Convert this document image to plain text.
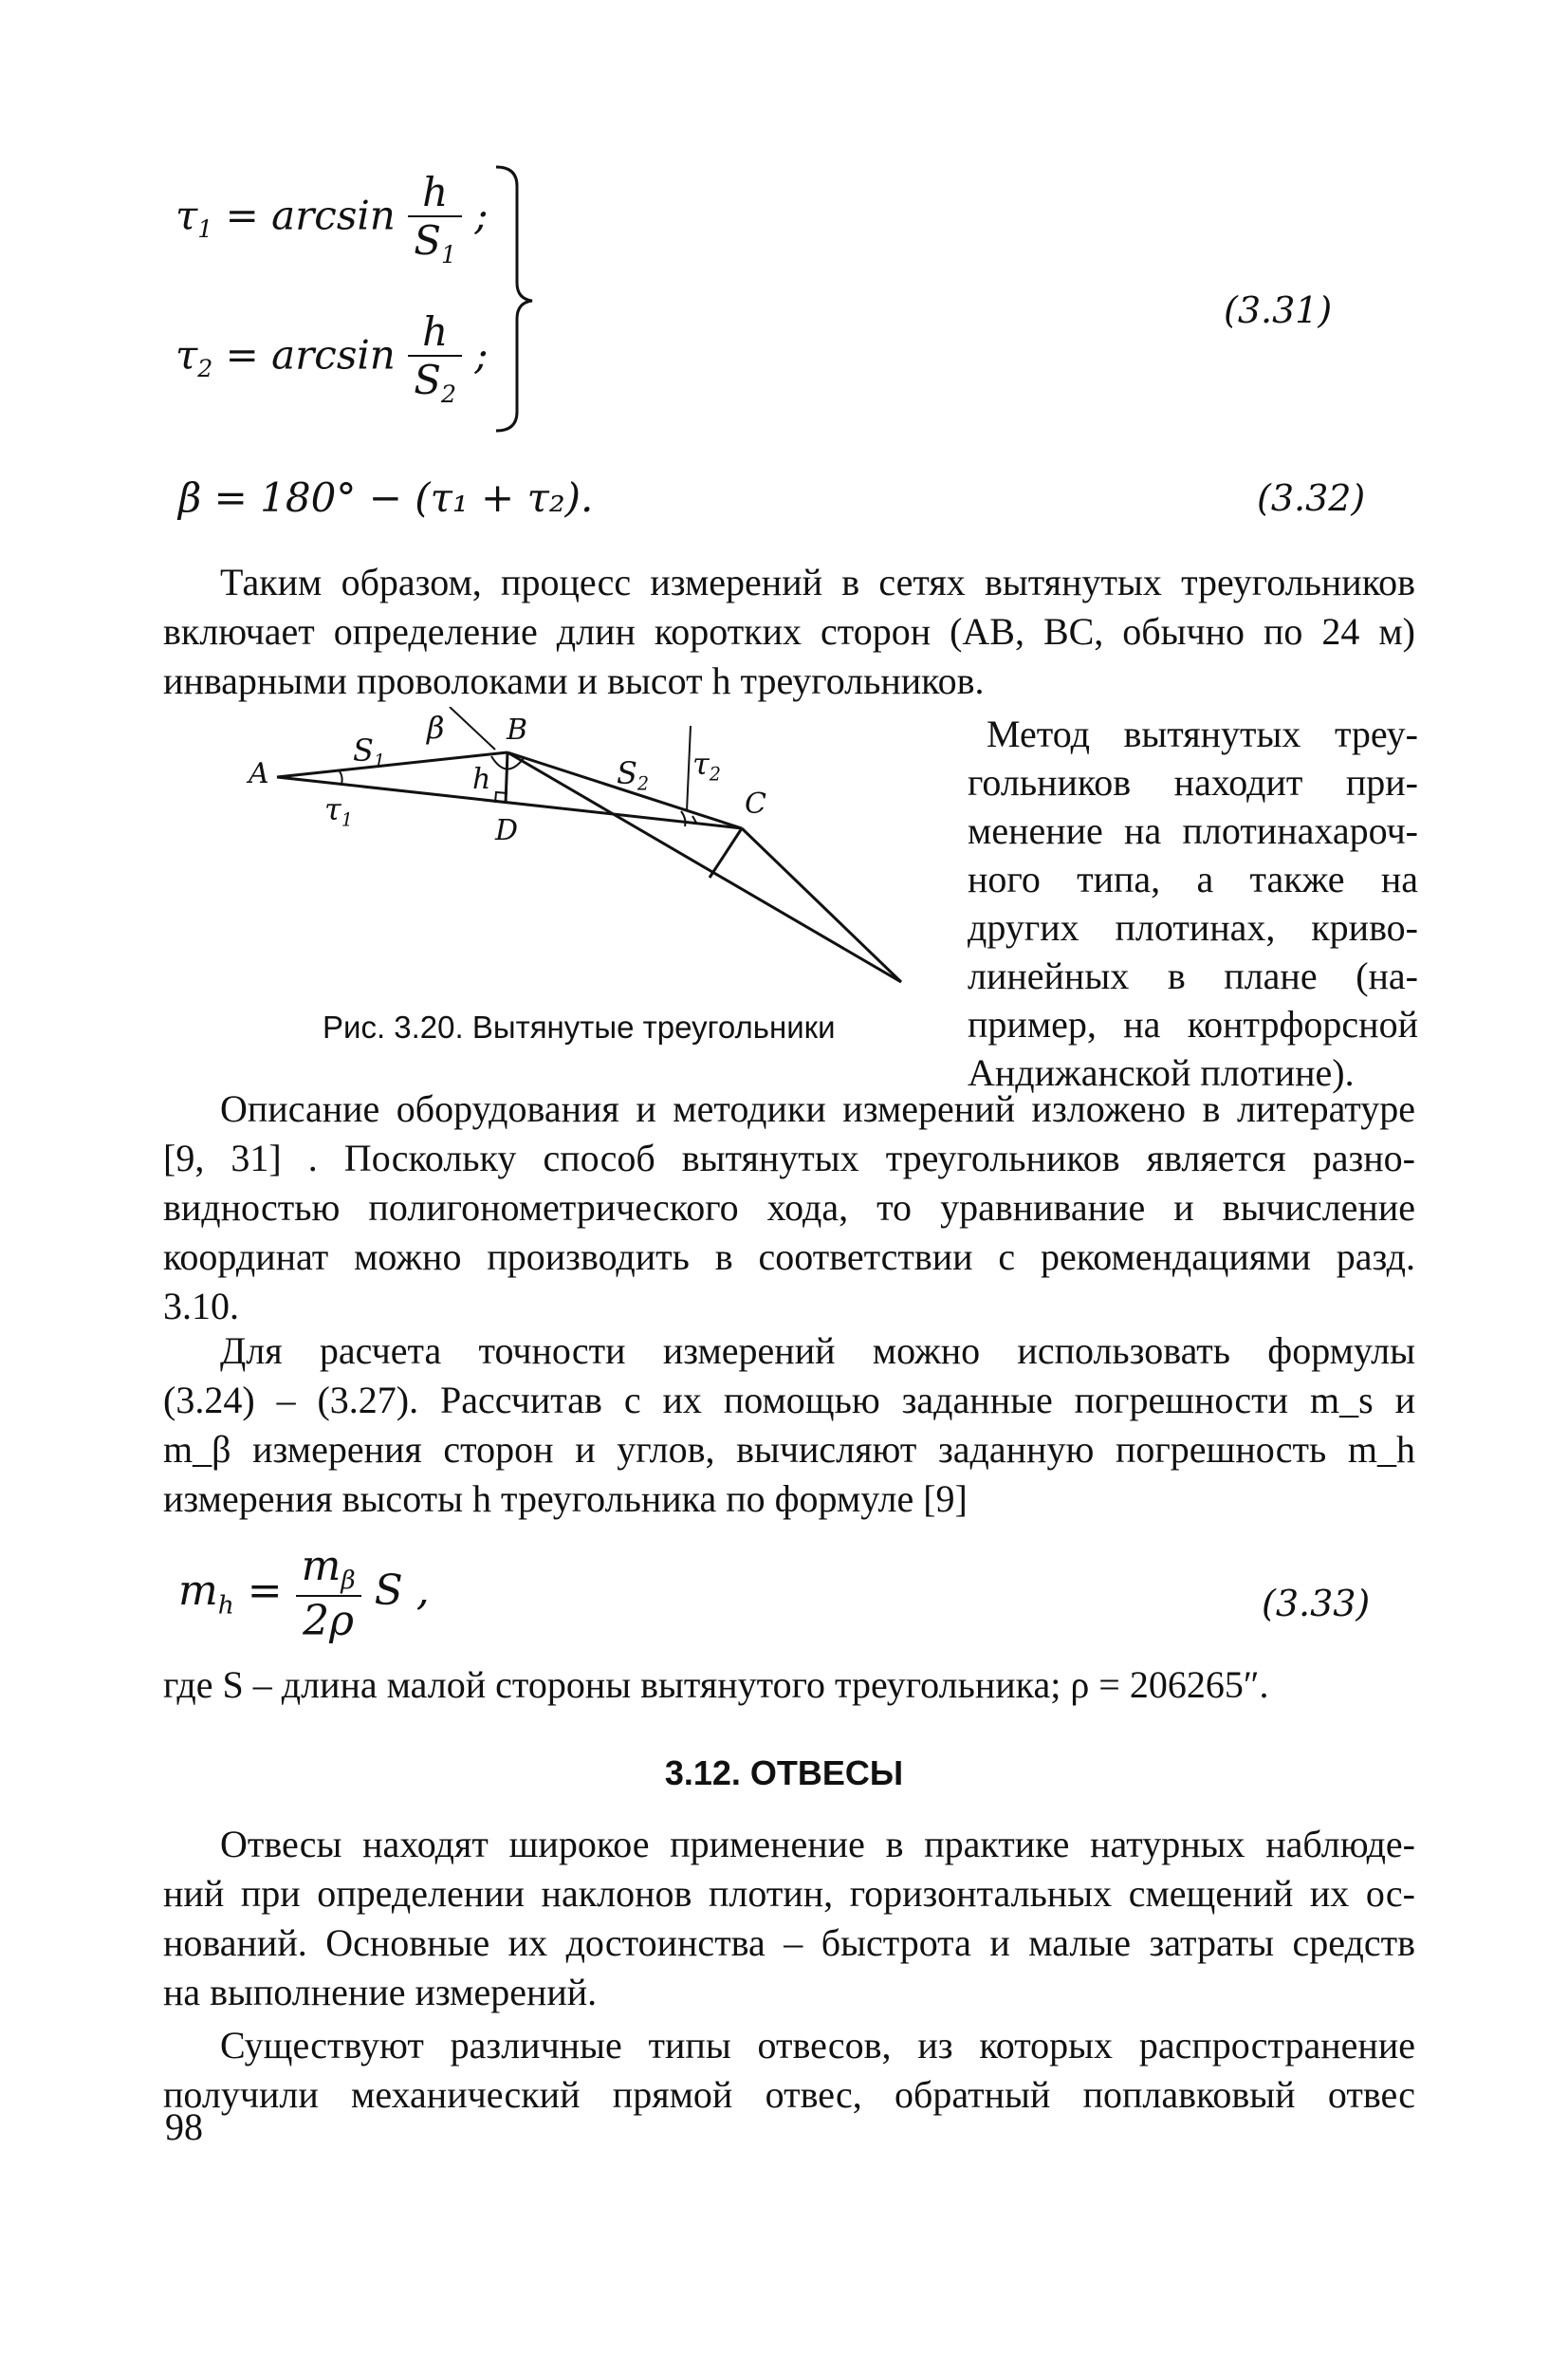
$\tau_1 = \arcsin \frac{h}{S_1}$ ;
$\tau_2 = \arcsin \frac{h}{S_2}$ ;
(3.31)
β = 180° − (τ₁ + τ₂).	(3.32)
Таким образом, процесс измерений в сетях вытянутых треугольников
включает определение длин коротких сторон (AB, BC, обычно по 24 м)
инварными проволоками и высот h треугольников.
A
B
C
D
$S_1$	$S_2$
β
h
$\tau_1$
$\tau_2$
Рис. 3.20. Вытянутые треугольники
Метод вытянутых треу-
гольников находит при-
менение на плотинахароч-
ного типа, а также на
других плотинах, криво-
линейных в плане (на-
пример, на контрфорсной
Андижанской плотине).
Описание оборудования и методики измерений изложено в литературе
[9, 31] . Поскольку способ вытянутых треугольников является разно-
видностью полигонометрического хода, то уравнивание и вычисление
координат можно производить в соответствии с рекомендациями разд.
3.10.
Для расчета точности измерений можно использовать формулы
(3.24) – (3.27). Рассчитав с их помощью заданные погрешности m_s и
m_β измерения сторон и углов, вычисляют заданную погрешность m_h
измерения высоты h треугольника по формуле [9]
$m_h = \frac{m_\beta}{2\rho}$ S ,	(3.33)
где S – длина малой стороны вытянутого треугольника; ρ = 206265″.
3.12. ОТВЕСЫ
Отвесы находят широкое применение в практике натурных наблюде-
ний при определении наклонов плотин, горизонтальных смещений их ос-
нований. Основные их достоинства – быстрота и малые затраты средств
на выполнение измерений.
Существуют различные типы отвесов, из которых распространение
получили механический прямой отвес, обратный поплавковый отвес
98
